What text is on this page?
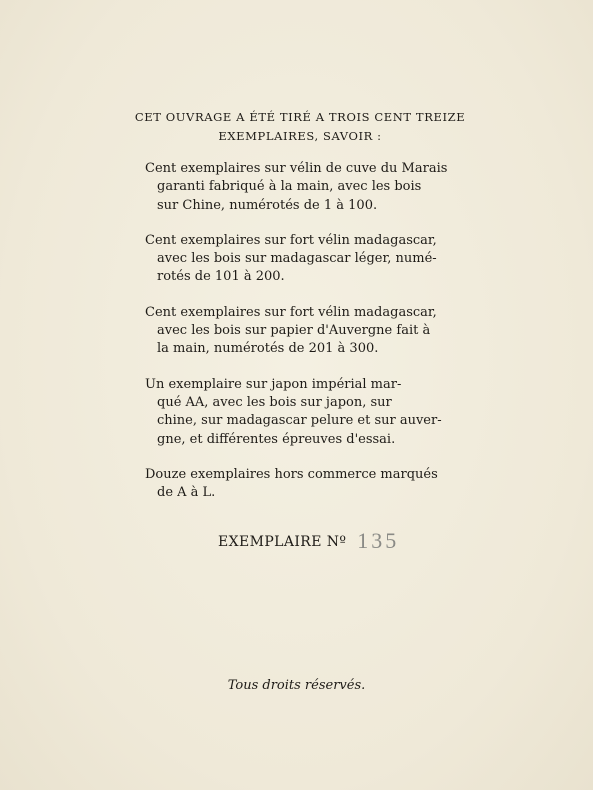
CET OUVRAGE A ÉTÉ TIRÉ A TROIS CENT TREIZE
EXEMPLAIRES, SAVOIR :

Cent exemplaires sur vélin de cuve du Marais
garanti fabriqué à la main, avec les bois
sur Chine, numérotés de 1 à 100.

Cent exemplaires sur fort vélin madagascar,
avec les bois sur madagascar léger, numé-
rotés de 101 à 200.

Cent exemplaires sur fort vélin madagascar,
avec les bois sur papier d'Auvergne fait à
la main, numérotés de 201 à 300.

Un exemplaire sur japon impérial mar-
qué AA, avec les bois sur japon, sur
chine, sur madagascar pelure et sur auver-
gne, et différentes épreuves d'essai.

Douze exemplaires hors commerce marqués
de A à L.

EXEMPLAIRE Nº 135
Tous droits réservés.
